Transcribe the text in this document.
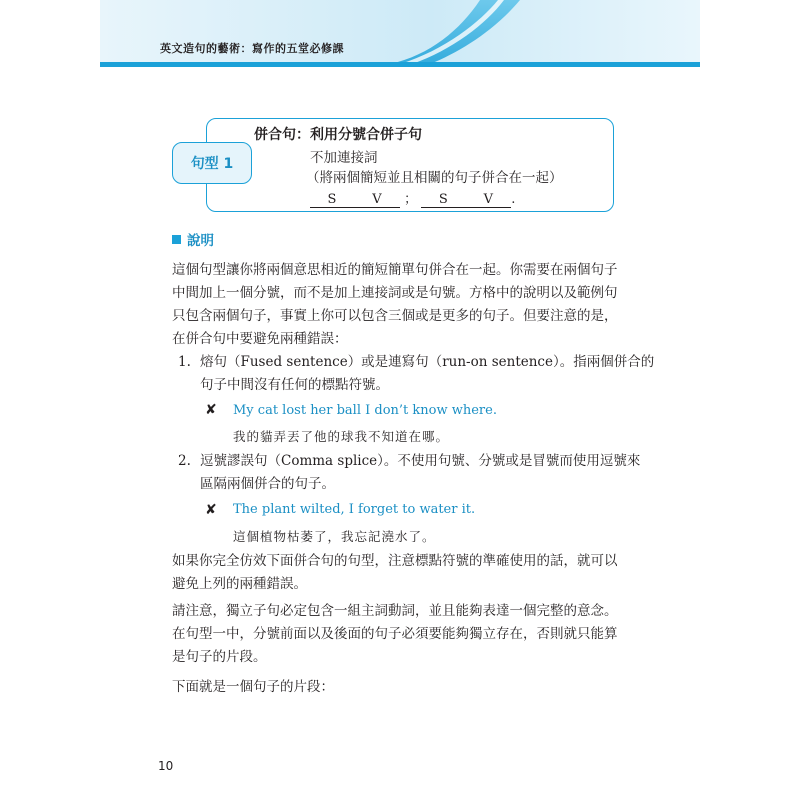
英文造句的藝術：寫作的五堂必修課
句型 1
併合句：利用分號合併子句
不加連接詞
（將兩個簡短並且相關的句子併合在一起）
S	V ； S	V .
說明
這個句型讓你將兩個意思相近的簡短簡單句併合在一起。你需要在兩個句子
中間加上一個分號，而不是加上連接詞或是句號。方格中的說明以及範例句
只包含兩個句子，事實上你可以包含三個或是更多的句子。但要注意的是，
在併合句中要避免兩種錯誤：
1. 熔句（Fused sentence）或是連寫句（run-on sentence）。指兩個併合的
句子中間沒有任何的標點符號。
✘ My cat lost her ball I don’t know where.
我的貓弄丟了他的球我不知道在哪。
2. 逗號謬誤句（Comma splice）。不使用句號、分號或是冒號而使用逗號來
區隔兩個併合的句子。
✘ The plant wilted, I forget to water it.
這個植物枯萎了，我忘記澆水了。
如果你完全仿效下面併合句的句型，注意標點符號的準確使用的話，就可以
避免上列的兩種錯誤。
請注意，獨立子句必定包含一組主詞動詞，並且能夠表達一個完整的意念。
在句型一中，分號前面以及後面的句子必須要能夠獨立存在，否則就只能算
是句子的片段。
下面就是一個句子的片段：
10
